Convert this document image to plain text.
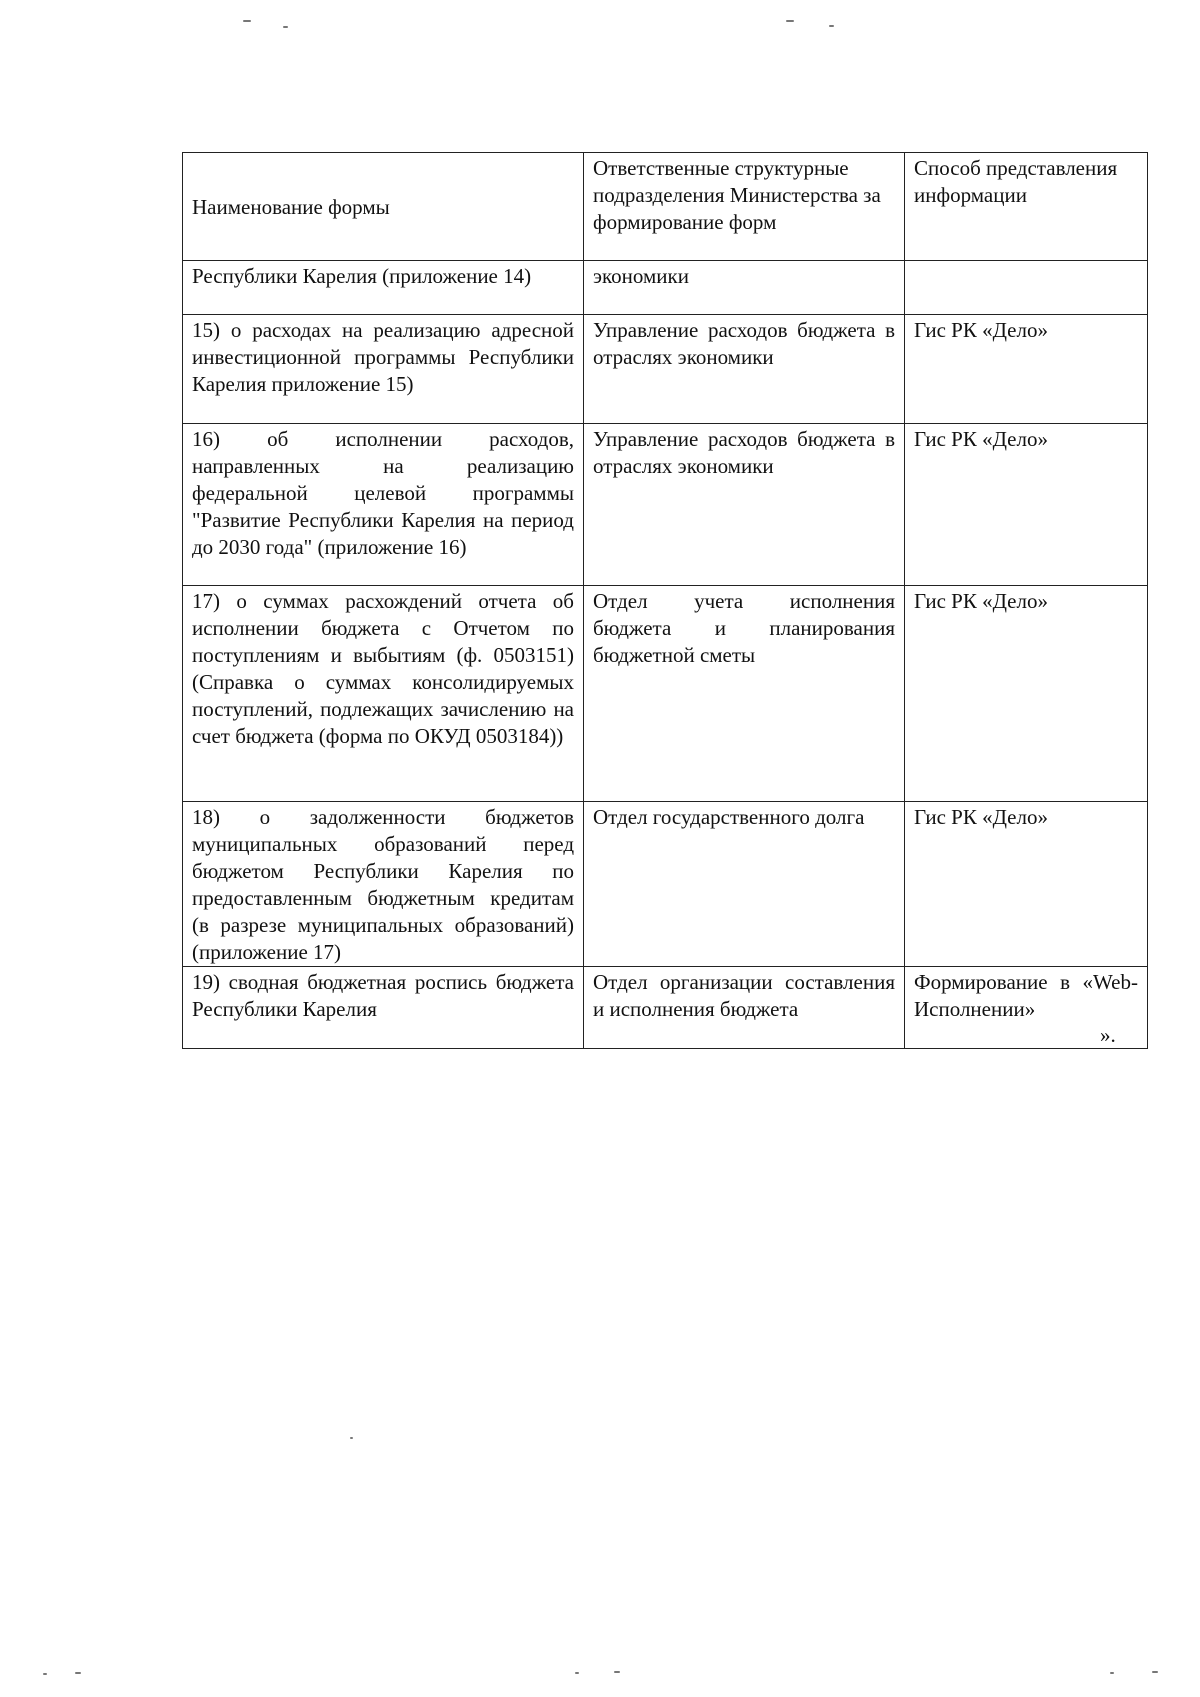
Наименование формы	Ответственные структурные подразделения Министерства за формирование форм	Способ представления информации
Республики Карелия (приложение 14)	экономики	
15) о расходах на реализацию адресной инвестиционной программы Республики Карелия приложение 15)	Управление расходов бюджета в отраслях экономики	Гис РК «Дело»
16) об исполнении расходов, направленных на реализацию федеральной целевой программы "Развитие Республики Карелия на период до 2030 года" (приложение 16)	Управление расходов бюджета в отраслях экономики	Гис РК «Дело»
17) о суммах расхождений отчета об исполнении бюджета с Отчетом по поступлениям и выбытиям (ф. 0503151) (Справка о суммах консолидируемых поступлений, подлежащих зачислению на счет бюджета (форма по ОКУД 0503184))	Отдел учета исполнения бюджета и планирования бюджетной сметы	Гис РК «Дело»
18) о задолженности бюджетов муниципальных образований перед бюджетом Республики Карелия по предоставленным бюджетным кредитам (в разрезе муниципальных образований) (приложение 17)	Отдел государственного долга	Гис РК «Дело»
19) сводная бюджетная роспись бюджета Республики Карелия	Отдел организации составления и исполнения бюджета	Формирование в «Web-Исполнении»
».
